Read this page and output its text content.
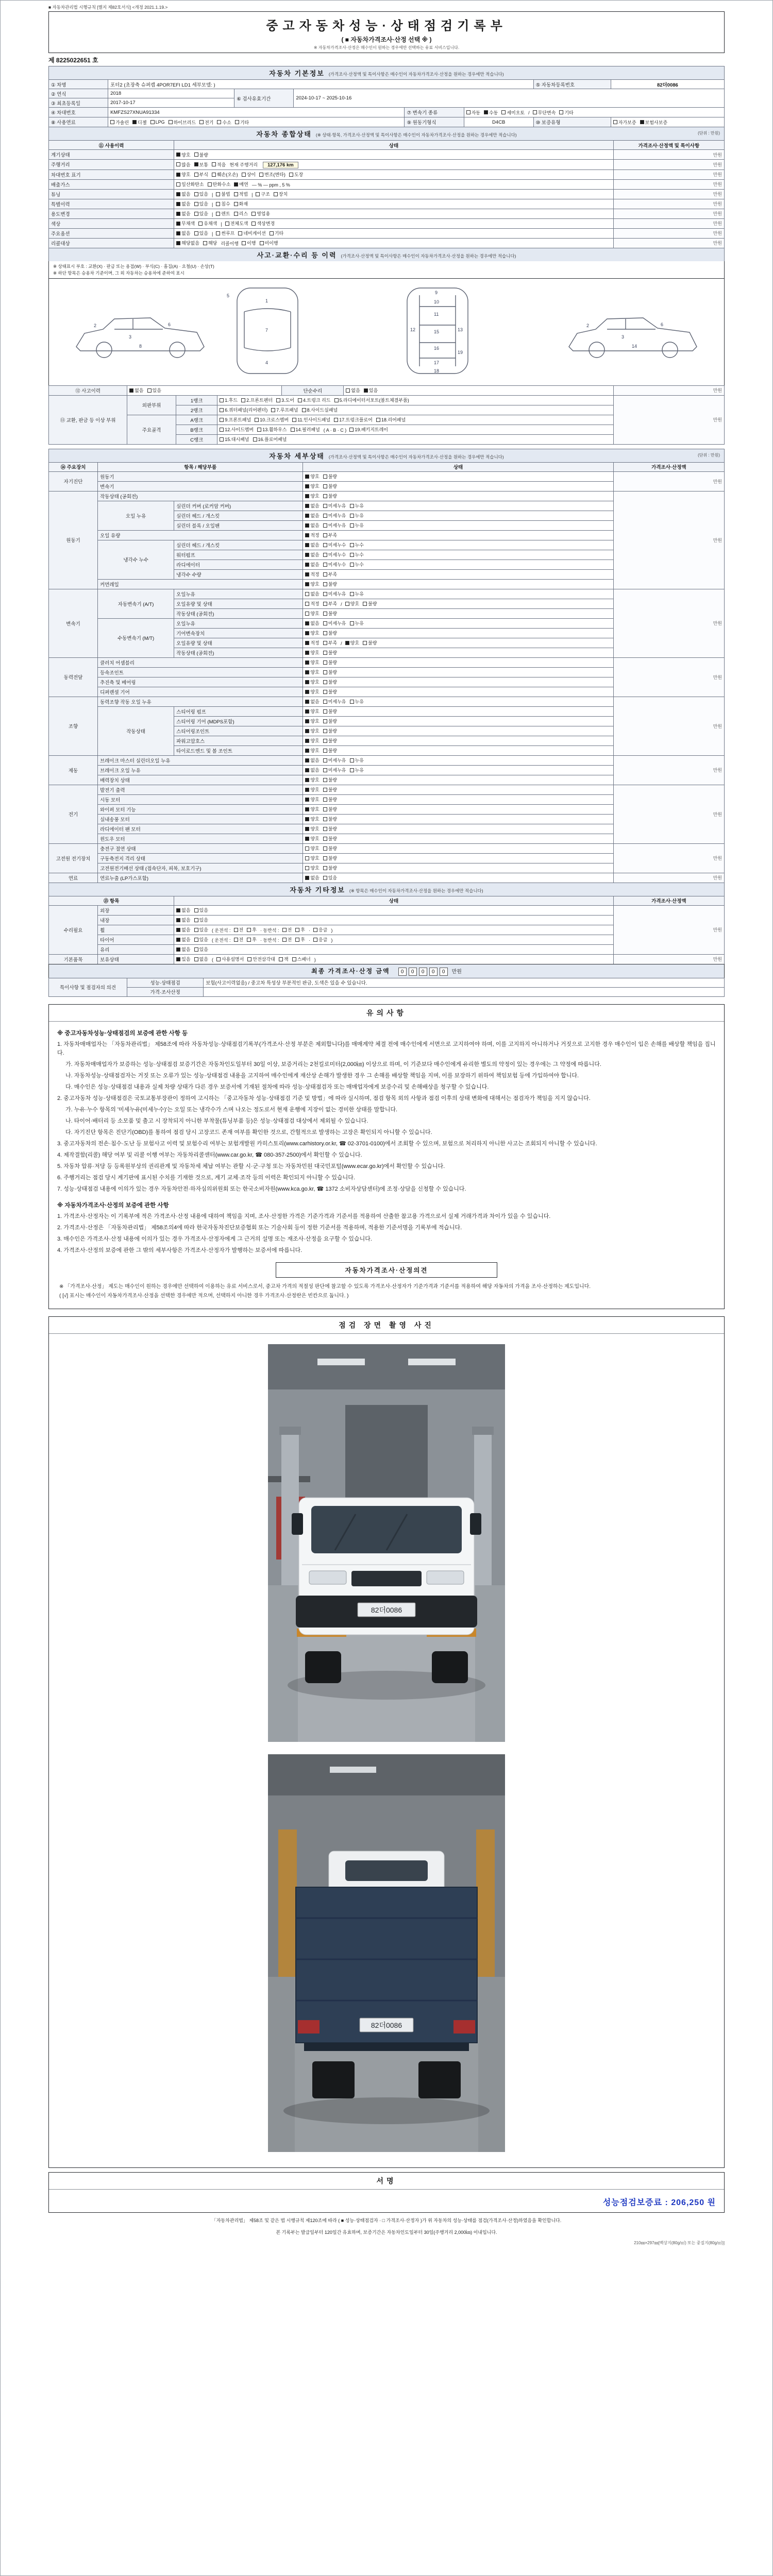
■ 자동차관리법 시행규칙 [별지 제82호서식] <개정 2021.1.19.>
중고자동차성능·상태점검기록부
( ■ 자동차가격조사·산정 선택 ※ )
※ 자동차가격조사·산정은 매수인이 원하는 경우에만 선택하는 유료 서비스입니다.
제 8225022651 호
자동차 기본정보 (가격조사·산정액 및 특이사항은 매수인이 자동차가격조사·산정을 원하는 경우에만 적습니다)							
① 차명	포터2 (초장축 슈퍼캡 4POR7EFI LD1 세부모델: )					⑤ 자동차등록번호	82더0086
② 연식	2018	⑥ 검사유효기간	2024-10-17 ~ 2025-10-16				
③ 최초등록일	2017-10-17						
④ 차대번호	KMFZS27XNUA91334	⑦ 변속기 종류	자동 수동 세미오토 / 무단변속 기타

⑧ 사용연료	가솔린 디젤 LPG 하이브리드 전기 수소 기타	⑨ 원동기형식	D4CB	⑩ 보증유형	자가보증 보험사보증
자동차 종합상태 (※ 상태·항목, 가격조사·산정액 및 특이사항은 매수인이 자동차가격조사·산정을 원하는 경우에만 적습니다) (단위 : 만원)		

⑪ 사용이력	상태	가격조사·산정액 및 특이사항
계기상태	양호 불량	만원
주행거리	많음 보통 적음 현재 주행거리 127,176 km	만원
차대번호 표기	양호 부식 훼손(오손) 상이 변조(변타) 도장	만원
배출가스	일산화탄소 탄화수소 매연 — % — ppm , 5 %	만원
튜닝	없음 있음 | 불법 적법 | 구조 장치	만원
특별이력	없음 있음 | 침수 화재	만원
용도변경	없음 있음 | 렌트 리스 영업용	만원
색상	무채색 유채색 | 전체도색 색상변경	만원
주요옵션	없음 있음 | 썬루프 네비게이션 기타	만원
리콜대상	해당없음 해당 리콜이행 이행 미이행	만원
사고·교환·수리 등 이력 (가격조사·산정액 및 특이사항은 매수인이 자동차가격조사·산정을 원하는 경우에만 적습니다)
※ 상태표시 부호 : 교환(X) · 판금 또는 용접(W) · 부식(C) · 흠집(A) · 요철(U) · 손상(T)
※ 하단 항목은 승용차 기준이며, 그 외 자동차는 승용차에 준하여 표시
2
3
6
8
1
7
4
5
9
10
11
12	13
15
16
17
18
19
2
3
6
14
⑫ 사고이력	없음 있음	단순수리	없음 있음	만원
⑬ 교환, 판금 등 이상 부위	외판부위	1랭크	1.후드 2.프론트펜더 3.도어 4.트렁크 리드 5.라디에이터서포트(볼트체결부품)	만원
		2랭크	6.쿼터패널(리어펜더) 7.루프패널 8.사이드실패널	

	주요골격	A랭크	9.프론트패널 10.크로스멤버 11.인사이드패널 17.트렁크플로어 18.리어패널	

		B랭크	12.사이드멤버 13.휠하우스 14.필러패널 ( A · B · C ) 19.패키지트레이	

		C랭크	15.대시패널 16.플로어패널	
자동차 세부상태 (가격조사·산정액 및 특이사항은 매수인이 자동차가격조사·산정을 원하는 경우에만 적습니다) (단위 : 만원)				

⑭ 주요장치	항목 / 해당부품		상태	가격조사·산정액
자기진단	원동기		양호 불량	만원
	변속기		양호 불량	

원동기	작동상태 (공회전)		양호 불량	만원
	오일 누유	실린더 커버 (로커암 커버)	없음 미세누유 누유	

		실린더 헤드 / 개스킷	없음 미세누유 누유	

		실린더 블록 / 오일팬	없음 미세누유 누유	

	오일 유량		적정 부족	

	냉각수 누수	실린더 헤드 / 개스킷	없음 미세누수 누수	

		워터펌프	없음 미세누수 누수	

		라디에이터	없음 미세누수 누수	

		냉각수 수량	적정 부족	

	커먼레일		양호 불량	

변속기	자동변속기 (A/T)	오일누유	없음 미세누유 누유	만원
		오일유량 및 상태	적정 부족 / 양호 불량	

		작동상태 (공회전)	양호 불량	

	수동변속기 (M/T)	오일누유	없음 미세누유 누유	

		기어변속장치	양호 불량	

		오일유량 및 상태	적정 부족 / 양호 불량	

		작동상태 (공회전)	양호 불량	

동력전달	클러치 어셈블리		양호 불량	만원
	등속조인트		양호 불량	

	추진축 및 베어링		양호 불량	

	디퍼렌셜 기어		양호 불량	

조향	동력조향 작동 오일 누유		없음 미세누유 누유	만원
	작동상태	스티어링 펌프	양호 불량	

		스티어링 기어 (MDPS포함)	양호 불량	

		스티어링조인트	양호 불량	

		파워고압호스	양호 불량	

		타이로드엔드 및 볼 조인트	양호 불량	

제동	브레이크 마스터 실린더오일 누유		없음 미세누유 누유	만원
	브레이크 오일 누유		없음 미세누유 누유	

	배력장치 상태		양호 불량	

전기	발전기 출력		양호 불량	만원
	시동 모터		양호 불량	

	와이퍼 모터 기능		양호 불량	

	실내송풍 모터		양호 불량	

	라디에이터 팬 모터		양호 불량	

	윈도우 모터		양호 불량	

고전원 전기장치	충전구 절연 상태		양호 불량	만원
	구동축전지 격리 상태		양호 불량	

	고전원전기배선 상태 (접속단자, 피복, 보호기구)		양호 불량	

연료	연료누출 (LP가스포함)		없음 있음	만원
자동차 기타정보 (※ 항목은 매수인이 자동차가격조사·산정을 원하는 경우에만 적습니다)			
⑮ 항목		상태	가격조사·산정액
수리필요	외장	없음 있음	만원
	내장	없음 있음	

휠	없음 있음 ( 운전석 : 전 후 · 동반석 : 전 후 · 응급 )
타이어	없음 있음 ( 운전석 : 전 후 · 동반석 : 전 후 · 응급 )
	유리	없음 있음	

기본품목	보유상태	있음 없음 ( 사용설명서 안전삼각대 잭 스패너 )	만원
최종 가격조사·산정 금액	0 0 0 0 0 만원
특이사항 및 점검자의 의견	성능·상태점검	보험(사고이력없음) / 중고차 특성상 부분적인 판금, 도색은 있을 수 있습니다.
	가격·조사산정	
유의사항
※ 중고자동차성능·상태점검의 보증에 관한 사항 등
1. 자동차매매업자는 「자동차관리법」 제58조에 따라 자동차성능·상태점검기록부(가격조사·산정 부분은 제외합니다)를 매매계약 체결 전에 매수인에게 서면으로 고지하여야 하며, 이를 고지하지 아니하거나 거짓으로 고지한 경우 매수인이 입은 손해를 배상할 책임을 집니다.
가. 자동차매매업자가 보증하는 성능·상태점검 보증기간은 자동차인도일부터 30일 이상, 보증거리는 2천킬로미터(2,000㎞) 이상으로 하며, 이 기준보다 매수인에게 유리한 별도의 약정이 있는 경우에는 그 약정에 따릅니다.
나. 자동차성능·상태점검자는 거짓 또는 오류가 있는 성능·상태점검 내용을 고지하여 매수인에게 재산상 손해가 발생한 경우 그 손해를 배상할 책임을 지며, 이를 보장하기 위하여 책임보험 등에 가입하여야 합니다.
다. 매수인은 성능·상태점검 내용과 실제 차량 상태가 다른 경우 보증서에 기재된 절차에 따라 성능·상태점검자 또는 매매업자에게 보증수리 및 손해배상을 청구할 수 있습니다.
2. 중고자동차 성능·상태점검은 국토교통부장관이 정하여 고시하는 「중고자동차 성능·상태점검 기준 및 방법」에 따라 실시하며, 점검 항목 외의 사항과 점검 이후의 상태 변화에 대해서는 점검자가 책임을 지지 않습니다.
가. 누유·누수 항목의 '미세누유(미세누수)'는 오일 또는 냉각수가 스며 나오는 정도로서 현재 운행에 지장이 없는 경미한 상태를 말합니다.
나. 타이어·배터리 등 소모품 및 출고 시 장착되지 아니한 부착물(튜닝부품 등)은 성능·상태점검 대상에서 제외될 수 있습니다.
다. 자기진단 항목은 진단기(OBD)를 통하여 점검 당시 고장코드 존재 여부를 확인한 것으로, 간헐적으로 발생하는 고장은 확인되지 아니할 수 있습니다.
3. 중고자동차의 전손·침수·도난 등 보험사고 이력 및 보험수리 여부는 보험개발원 카히스토리(www.carhistory.or.kr, ☎ 02-3701-0100)에서 조회할 수 있으며, 보험으로 처리하지 아니한 사고는 조회되지 아니할 수 있습니다.
4. 제작결함(리콜) 해당 여부 및 리콜 이행 여부는 자동차리콜센터(www.car.go.kr, ☎ 080-357-2500)에서 확인할 수 있습니다.
5. 자동차 압류·저당 등 등록원부상의 권리관계 및 자동차세 체납 여부는 관할 시·군·구청 또는 자동차민원 대국민포털(www.ecar.go.kr)에서 확인할 수 있습니다.
6. 주행거리는 점검 당시 계기판에 표시된 수치를 기재한 것으로, 계기 교체·조작 등의 이력은 확인되지 아니할 수 있습니다.
7. 성능·상태점검 내용에 이의가 있는 경우 자동차안전·하자심의위원회 또는 한국소비자원(www.kca.go.kr, ☎ 1372 소비자상담센터)에 조정·상담을 신청할 수 있습니다.
※ 자동차가격조사·산정의 보증에 관한 사항
1. 가격조사·산정자는 이 기록부에 적은 가격조사·산정 내용에 대하여 책임을 지며, 조사·산정한 가격은 기준가격과 기준서를 적용하여 산출한 참고용 가격으로서 실제 거래가격과 차이가 있을 수 있습니다.
2. 가격조사·산정은 「자동차관리법」 제58조의4에 따라 한국자동차진단보증협회 또는 기술사회 등이 정한 기준서를 적용하며, 적용한 기준서명을 기록부에 적습니다.
3. 매수인은 가격조사·산정 내용에 이의가 있는 경우 가격조사·산정자에게 그 근거의 설명 또는 재조사·산정을 요구할 수 있습니다.
4. 가격조사·산정의 보증에 관한 그 밖의 세부사항은 가격조사·산정자가 발행하는 보증서에 따릅니다.
자동차가격조사·산정의견
※ 「가격조사·산정」 제도는 매수인이 원하는 경우에만 선택하여 이용하는 유료 서비스로서, 중고차 가격의 적절성 판단에 참고할 수 있도록 가격조사·산정자가 기준가격과 기준서를 적용하여 해당 자동차의 가격을 조사·산정하는 제도입니다.
( [√] 표시는 매수인이 자동차가격조사·산정을 선택한 경우에만 적으며, 선택하지 아니한 경우 가격조사·산정란은 빈칸으로 둡니다. )
점검 장면 촬영 사진
82더0086
82더0086
서명
성능점검보증료 : 206,250 원
「자동차관리법」 제58조 및 같은 법 시행규칙 제120조에 따라 ( ■ 성능·상태점검자 · □ 가격조사·산정자 )가 위 자동차의 성능·상태를 점검(가격조사·산정)하였음을 확인합니다.
본 기록부는 발급일부터 120일간 유효하며, 보증기간은 자동차인도일부터 30일(주행거리 2,000㎞) 이내입니다.
210㎜×297㎜[백상지(80g/㎡) 또는 중질지(80g/㎡)]
